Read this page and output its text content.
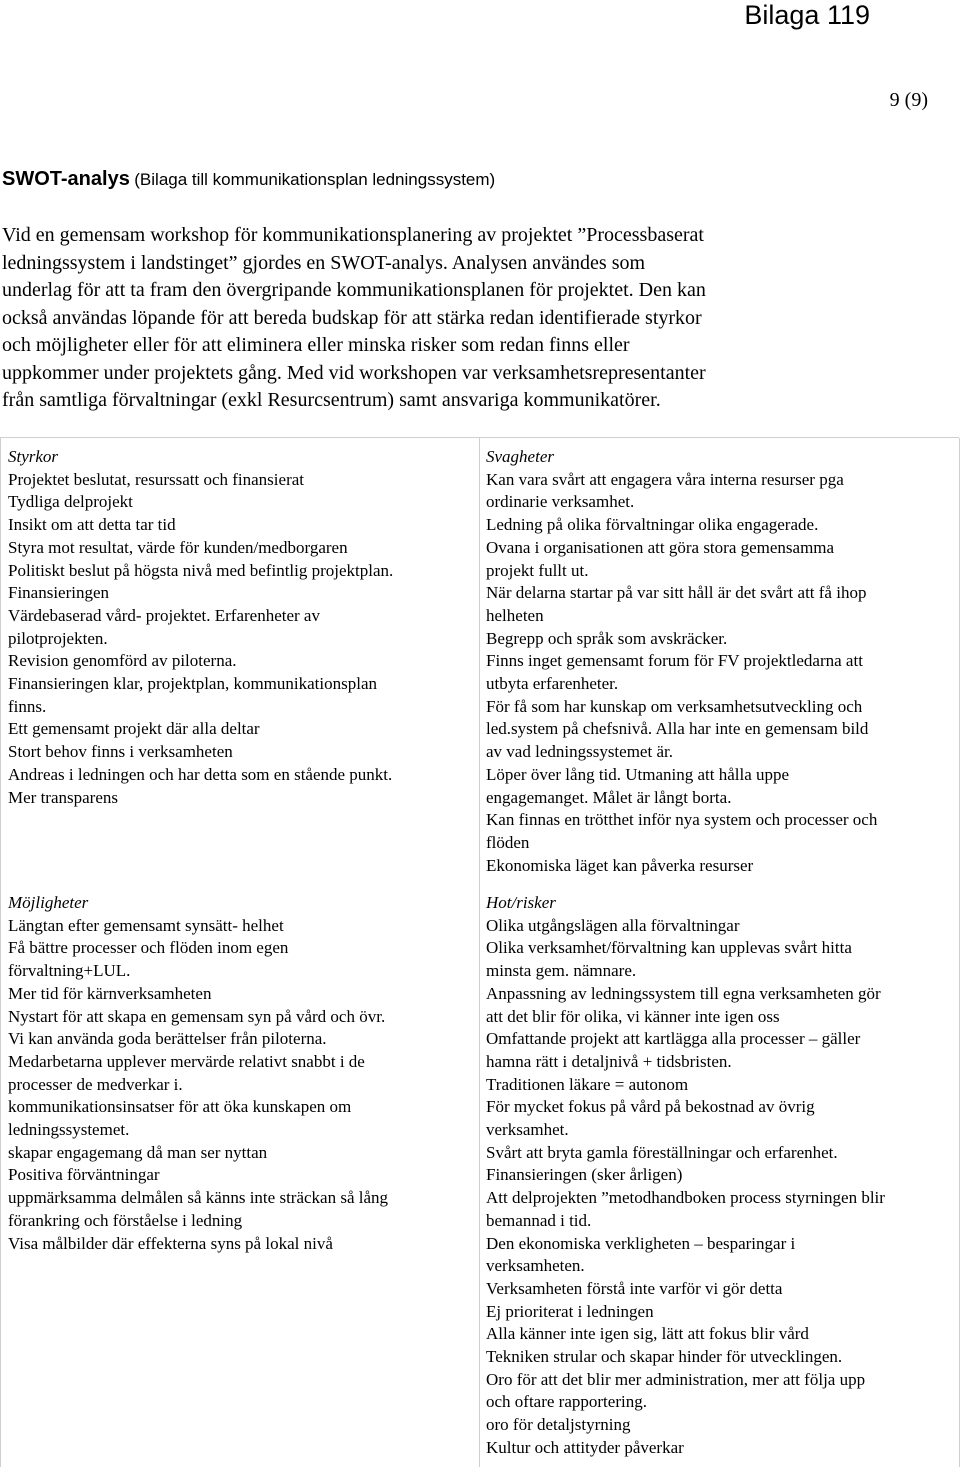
Bilaga 119
9 (9)
SWOT-analys (Bilaga till kommunikationsplan ledningssystem)
Vid en gemensam workshop för kommunikationsplanering av projektet ”Processbaserat
ledningssystem i landstinget” gjordes en SWOT-analys. Analysen användes som
underlag för att ta fram den övergripande kommunikationsplanen för projektet. Den kan
också användas löpande för att bereda budskap för att stärka redan identifierade styrkor
och möjligheter eller för att eliminera eller minska risker som redan finns eller
uppkommer under projektets gång. Med vid workshopen var verksamhetsrepresentanter
från samtliga förvaltningar (exkl Resurcsentrum) samt ansvariga kommunikatörer.
Styrkor
Projektet beslutat, resurssatt och finansierat
Tydliga delprojekt
Insikt om att detta tar tid
Styra mot resultat, värde för kunden/medborgaren
Politiskt beslut på högsta nivå med befintlig projektplan.
Finansieringen
Värdebaserad vård- projektet. Erfarenheter av
pilotprojekten.
Revision genomförd av piloterna.
Finansieringen klar, projektplan, kommunikationsplan
finns.
Ett gemensamt projekt där alla deltar
Stort behov finns i verksamheten
Andreas i ledningen och har detta som en stående punkt.
Mer transparens
Svagheter
Kan vara svårt att engagera våra interna resurser pga
ordinarie verksamhet.
Ledning på olika förvaltningar olika engagerade.
Ovana i organisationen att göra stora gemensamma
projekt fullt ut.
När delarna startar på var sitt håll är det svårt att få ihop
helheten
Begrepp och språk som avskräcker.
Finns inget gemensamt forum för FV projektledarna att
utbyta erfarenheter.
För få som har kunskap om verksamhetsutveckling och
led.system på chefsnivå. Alla har inte en gemensam bild
av vad ledningssystemet är.
Löper över lång tid. Utmaning att hålla uppe
engagemanget. Målet är långt borta.
Kan finnas en trötthet inför nya system och processer och
flöden
Ekonomiska läget kan påverka resurser
Möjligheter
Längtan efter gemensamt synsätt- helhet
Få bättre processer och flöden inom egen
förvaltning+LUL.
Mer tid för kärnverksamheten
Nystart för att skapa en gemensam syn på vård och övr.
Vi kan använda goda berättelser från piloterna.
Medarbetarna upplever mervärde relativt snabbt i de
processer de medverkar i.
kommunikationsinsatser för att öka kunskapen om
ledningssystemet.
skapar engagemang då man ser nyttan
Positiva förväntningar
uppmärksamma delmålen så känns inte sträckan så lång
förankring och förståelse i ledning
Visa målbilder där effekterna syns på lokal nivå
Hot/risker
Olika utgångslägen alla förvaltningar
Olika verksamhet/förvaltning kan upplevas svårt hitta
minsta gem. nämnare.
Anpassning av ledningssystem till egna verksamheten gör
att det blir för olika, vi känner inte igen oss
Omfattande projekt att kartlägga alla processer – gäller
hamna rätt i detaljnivå + tidsbristen.
Traditionen läkare = autonom
För mycket fokus på vård på bekostnad av övrig
verksamhet.
Svårt att bryta gamla föreställningar och erfarenhet.
Finansieringen (sker årligen)
Att delprojekten ”metodhandboken process styrningen blir
bemannad i tid.
Den ekonomiska verkligheten – besparingar i
verksamheten.
Verksamheten förstå inte varför vi gör detta
Ej prioriterat i ledningen
Alla känner inte igen sig, lätt att fokus blir vård
Tekniken strular och skapar hinder för utvecklingen.
Oro för att det blir mer administration, mer att följa upp
och oftare rapportering.
oro för detaljstyrning
Kultur och attityder påverkar
